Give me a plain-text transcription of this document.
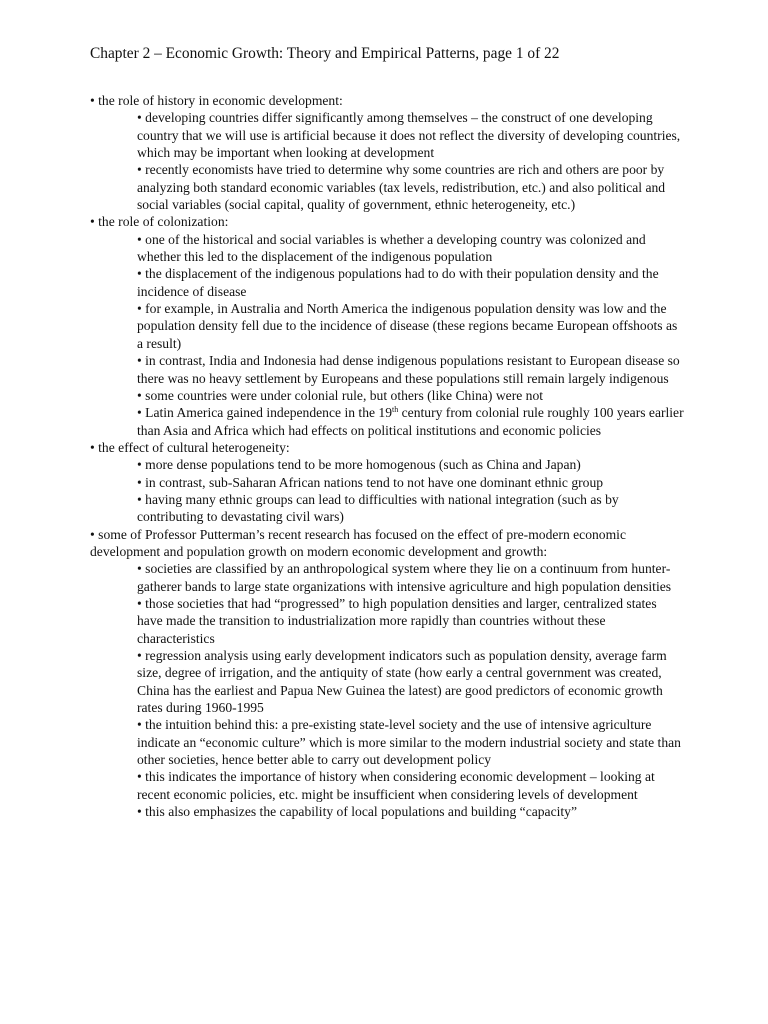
Chapter 2 – Economic Growth: Theory and Empirical Patterns, page 1 of 22

• the role of history in economic development:

• developing countries differ significantly among themselves – the construct of one developing country that we will use is artificial because it does not reflect the diversity of developing countries, which may be important when looking at development

• recently economists have tried to determine why some countries are rich and others are poor by analyzing both standard economic variables (tax levels, redistribution, etc.) and also political and social variables (social capital, quality of government, ethnic heterogeneity, etc.)

• the role of colonization:

• one of the historical and social variables is whether a developing country was colonized and whether this led to the displacement of the indigenous population

• the displacement of the indigenous populations had to do with their population density and the incidence of disease

• for example, in Australia and North America the indigenous population density was low and the population density fell due to the incidence of disease (these regions became European offshoots as a result)

• in contrast, India and Indonesia had dense indigenous populations resistant to European disease so there was no heavy settlement by Europeans and these populations still remain largely indigenous

• some countries were under colonial rule, but others (like China) were not

• Latin America gained independence in the 19th century from colonial rule roughly 100 years earlier than Asia and Africa which had effects on political institutions and economic policies

• the effect of cultural heterogeneity:

• more dense populations tend to be more homogenous (such as China and Japan)

• in contrast, sub-Saharan African nations tend to not have one dominant ethnic group

• having many ethnic groups can lead to difficulties with national integration (such as by contributing to devastating civil wars)

• some of Professor Putterman’s recent research has focused on the effect of pre-modern economic development and population growth on modern economic development and growth:

• societies are classified by an anthropological system where they lie on a continuum from hunter-gatherer bands to large state organizations with intensive agriculture and high population densities

• those societies that had “progressed” to high population densities and larger, centralized states have made the transition to industrialization more rapidly than countries without these characteristics

• regression analysis using early development indicators such as population density, average farm size, degree of irrigation, and the antiquity of state (how early a central government was created, China has the earliest and Papua New Guinea the latest) are good predictors of economic growth rates during 1960-1995

• the intuition behind this: a pre-existing state-level society and the use of intensive agriculture indicate an “economic culture” which is more similar to the modern industrial society and state than other societies, hence better able to carry out development policy

• this indicates the importance of history when considering economic development – looking at recent economic policies, etc. might be insufficient when considering levels of development

• this also emphasizes the capability of local populations and building “capacity”
